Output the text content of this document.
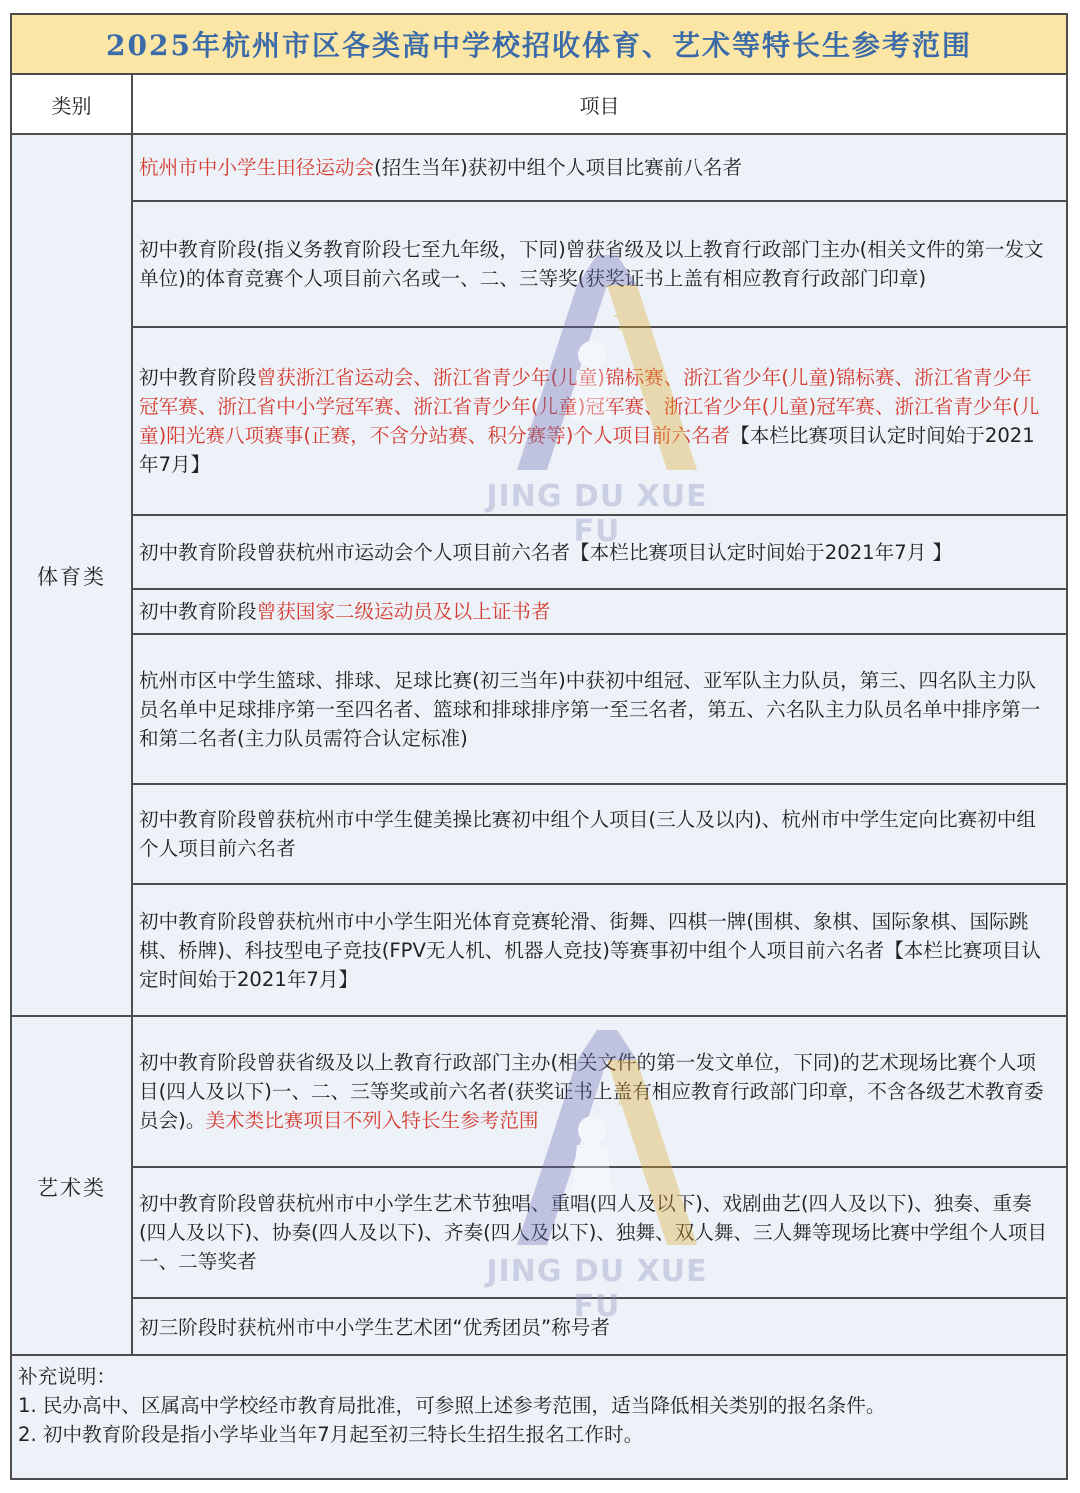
2025年杭州市区各类高中学校招收体育、艺术等特长生参考范围
类别	项目
体育类
杭州市中小学生田径运动会(招生当年)获初中组个人项目比赛前八名者
初中教育阶段(指义务教育阶段七至九年级，下同)曾获省级及以上教育行政部门主办(相关文件的第一发文单位)的体育竞赛个人项目前六名或一、二、三等奖(获奖证书上盖有相应教育行政部门印章)
初中教育阶段曾获浙江省运动会、浙江省青少年(儿童)锦标赛、浙江省少年(儿童)锦标赛、浙江省青少年冠军赛、浙江省中小学冠军赛、浙江省青少年(儿童)冠军赛、浙江省少年(儿童)冠军赛、浙江省青少年(儿童)阳光赛八项赛事(正赛，不含分站赛、积分赛等)个人项目前六名者【本栏比赛项目认定时间始于2021年7月】
初中教育阶段曾获杭州市运动会个人项目前六名者【本栏比赛项目认定时间始于2021年7月 】
初中教育阶段曾获国家二级运动员及以上证书者
杭州市区中学生篮球、排球、足球比赛(初三当年)中获初中组冠、亚军队主力队员，第三、四名队主力队员名单中足球排序第一至四名者、篮球和排球排序第一至三名者，第五、六名队主力队员名单中排序第一和第二名者(主力队员需符合认定标准)
初中教育阶段曾获杭州市中学生健美操比赛初中组个人项目(三人及以内)、杭州市中学生定向比赛初中组个人项目前六名者
初中教育阶段曾获杭州市中小学生阳光体育竞赛轮滑、街舞、四棋一牌(围棋、象棋、国际象棋、国际跳棋、桥牌)、科技型电子竞技(FPV无人机、机器人竞技)等赛事初中组个人项目前六名者【本栏比赛项目认定时间始于2021年7月】
艺术类
初中教育阶段曾获省级及以上教育行政部门主办(相关文件的第一发文单位，下同)的艺术现场比赛个人项目(四人及以下)一、二、三等奖或前六名者(获奖证书上盖有相应教育行政部门印章，不含各级艺术教育委员会)。美术类比赛项目不列入特长生参考范围
初中教育阶段曾获杭州市中小学生艺术节独唱、重唱(四人及以下)、戏剧曲艺(四人及以下)、独奏、重奏(四人及以下)、协奏(四人及以下)、齐奏(四人及以下)、独舞、双人舞、三人舞等现场比赛中学组个人项目一、二等奖者
初三阶段时获杭州市中小学生艺术团“优秀团员”称号者
补充说明：
1. 民办高中、区属高中学校经市教育局批准，可参照上述参考范围，适当降低相关类别的报名条件。
2. 初中教育阶段是指小学毕业当年7月起至初三特长生招生报名工作时。
JING DU XUE FU
JING DU XUE FU
